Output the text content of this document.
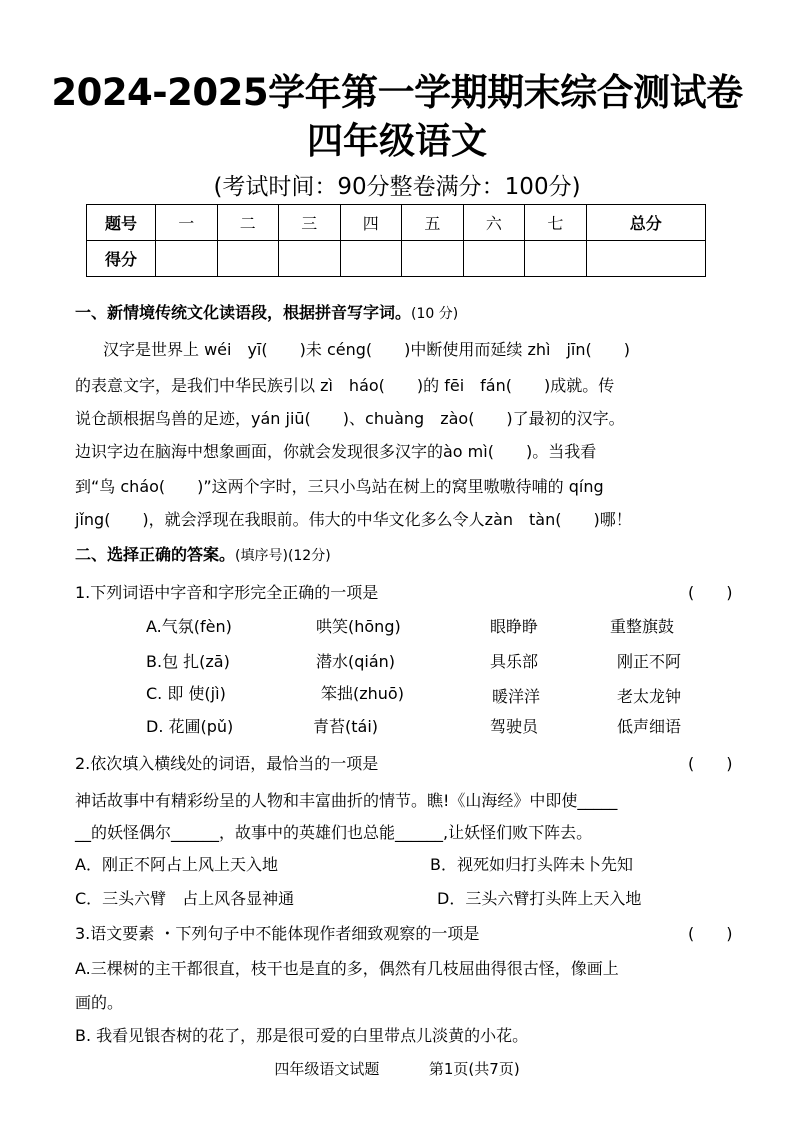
2024-2025学年第一学期期末综合测试卷
四年级语文
(考试时间：90分整卷满分：100分)
题号	一	二	三	四	五	六	七	总分
得分								
一、新情境传统文化读语段，根据拼音写字词。(10 分)
汉字是世界上 wéi　yī(　　)未 céng(　　)中断使用而延续 zhì　jīn(　　)
的表意文字，是我们中华民族引以 zì　háo(　　)的 fēi　fán(　　)成就。传
说仓颉根据鸟兽的足迹，yán jiū(　　)、chuàng　zào(　　)了最初的汉字。
边识字边在脑海中想象画面，你就会发现很多汉字的ào mì(　　)。当我看
到“鸟 cháo(　　)”这两个字时，三只小鸟站在树上的窝里嗷嗷待哺的 qíng
jǐng(　　)，就会浮现在我眼前。伟大的中华文化多么令人zàn　tàn(　　)哪！
二、选择正确的答案。(填序号)(12分)
1.下列词语中字音和字形完全正确的一项是	(　　)
A.气氛(fèn)	哄笑(hōng)	眼睁睁	重整旗鼓
B.包 扎(zā)	潜水(qián)	具乐部	刚正不阿
C. 即 使(jì)	笨拙(zhuō)	暖洋洋	老太龙钟
D. 花圃(pǔ)	青苔(tái)	驾驶员	低声细语
2.依次填入横线处的词语，最恰当的一项是	(　　)
神话故事中有精彩纷呈的人物和丰富曲折的情节。瞧!《山海经》中即使_____
__的妖怪偶尔______，故事中的英雄们也总能______,让妖怪们败下阵去。
A．刚正不阿占上风上天入地	B．视死如归打头阵未卜先知
C．三头六臂　占上风各显神通	D．三头六臂打头阵上天入地
3.语文要素 ・下列句子中不能体现作者细致观察的一项是	(　　)
A.三棵树的主干都很直，枝干也是直的多，偶然有几枝屈曲得很古怪，像画上
画的。
B. 我看见银杏树的花了，那是很可爱的白里带点儿淡黄的小花。
四年级语文试题	第1页(共7页)
